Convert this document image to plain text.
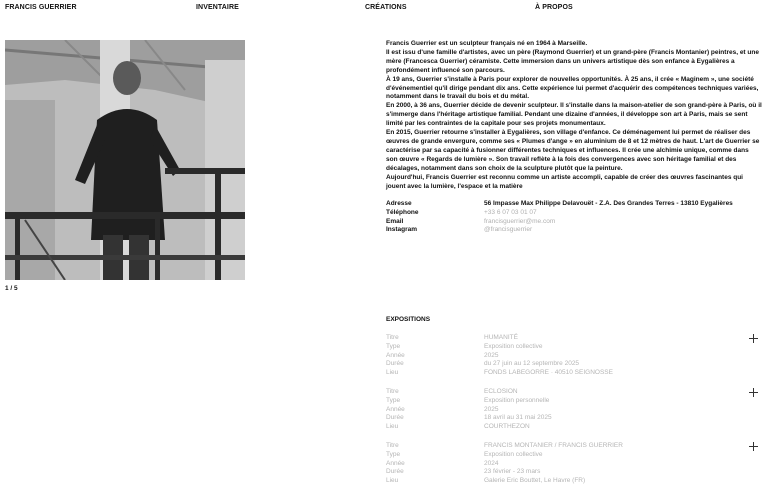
FRANCIS GUERRIER	INVENTAIRE	CRÉATIONS	À PROPOS
1 / 5

Francis Guerrier est un sculpteur français né en 1964 à Marseille.

Il est issu d'une famille d'artistes, avec un père (Raymond Guerrier) et un grand-père (Francis Montanier) peintres, et une mère (Francesca Guerrier) céramiste. Cette immersion dans un univers artistique dès son enfance à Eygalières a profondément influencé son parcours.

À 19 ans, Guerrier s'installe à Paris pour explorer de nouvelles opportunités. À 25 ans, il crée « Maginem », une société d'événementiel qu'il dirige pendant dix ans. Cette expérience lui permet d'acquérir des compétences techniques variées, notamment dans le travail du bois et du métal.

En 2000, à 36 ans, Guerrier décide de devenir sculpteur. Il s'installe dans la maison-atelier de son grand-père à Paris, où il s'immerge dans l'héritage artistique familial. Pendant une dizaine d'années, il développe son art à Paris, mais se sent limité par les contraintes de la capitale pour ses projets monumentaux.

En 2015, Guerrier retourne s'installer à Eygalières, son village d'enfance. Ce déménagement lui permet de réaliser des œuvres de grande envergure, comme ses « Plumes d'ange » en aluminium de 8 et 12 mètres de haut. L'art de Guerrier se caractérise par sa capacité à fusionner différentes techniques et influences. Il crée une alchimie unique, comme dans son œuvre « Regards de lumière ». Son travail reflète à la fois des convergences avec son héritage familial et des décalages, notamment dans son choix de la sculpture plutôt que la peinture.

Aujourd'hui, Francis Guerrier est reconnu comme un artiste accompli, capable de créer des œuvres fascinantes qui jouent avec la lumière, l'espace et la matière

Adresse	56 Impasse Max Philippe Delavouët - Z.A. Des Grandes Terres - 13810 Eygalières
Téléphone	+33 6 07 03 01 07
Email	francisguerrier@me.com
Instagram	@francisguerrier
EXPOSITIONS
Titre	HUMANITÉ
Type	Exposition collective
Année	2025
Durée	du 27 juin au 12 septembre 2025
Lieu	FONDS LABEGORRE · 40510 SEIGNOSSE
Titre	ECLOSION
Type	Exposition personnelle
Année	2025
Durée	18 avril au 31 mai 2025
Lieu	COURTHEZON
Titre	FRANCIS MONTANIER / FRANCIS GUERRIER
Type	Exposition collective
Année	2024
Durée	23 février - 23 mars
Lieu	Galerie Eric Bouttet, Le Havre (FR)
